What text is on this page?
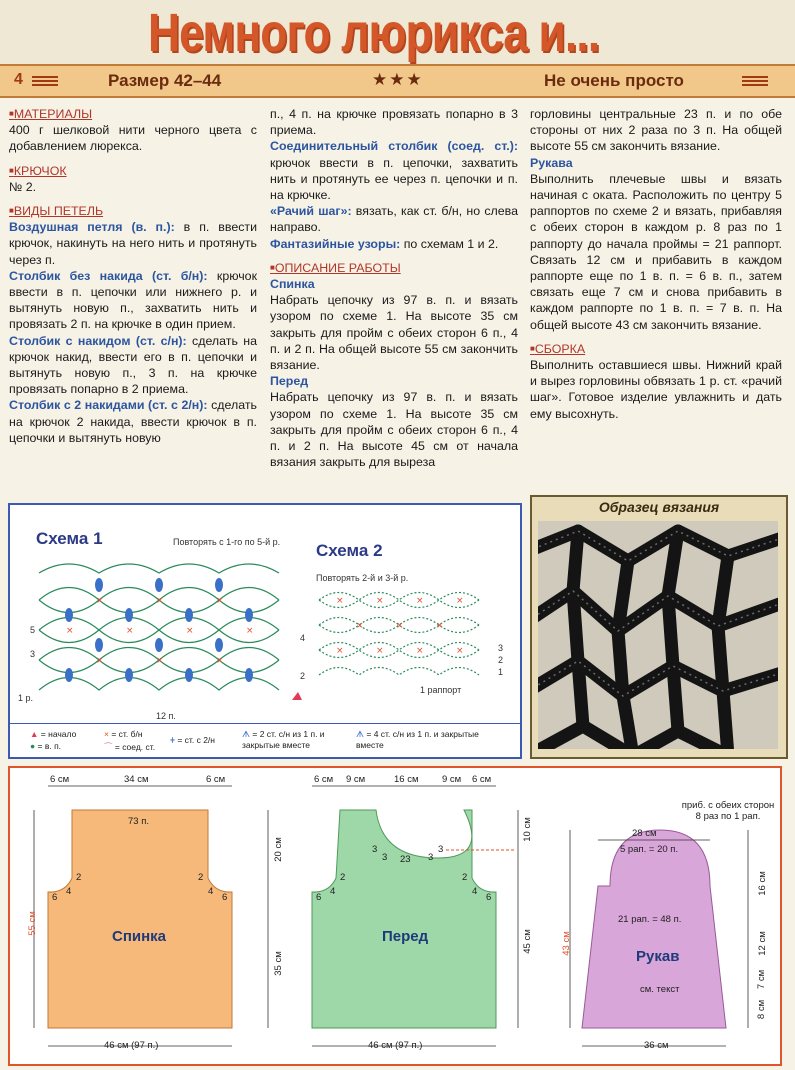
Немного люрикса и...
4	Размер 42–44	★★★	Не очень просто

■ МАТЕРИАЛЫ

400 г шелковой нити черного цвета с добавлением люрекса.

■ КРЮЧОК

№ 2.

■ ВИДЫ ПЕТЕЛЬ

Воздушная петля (в. п.): в п. ввести крючок, накинуть на него нить и протянуть через п.

Столбик без накида (ст. б/н): крючок ввести в п. цепочки или нижнего р. и вытянуть новую п., захватить нить и провязать 2 п. на крючке в один прием.

Столбик с накидом (ст. с/н): сделать на крючок накид, ввести его в п. цепочки и вытянуть новую п., 3 п. на крючке провязать попарно в 2 приема.

Столбик с 2 накидами (ст. с 2/н): сделать на крючок 2 накида, ввести крючок в п. цепочки и вытянуть новую

п., 4 п. на крючке провязать попарно в 3 приема.

Соединительный столбик (соед. ст.): крючок ввести в п. цепочки, захватить нить и протянуть ее через п. цепочки и п. на крючке.

«Рачий шаг»: вязать, как ст. б/н, но слева направо.

Фантазийные узоры: по схемам 1 и 2.

■ ОПИСАНИЕ РАБОТЫ

Спинка

Набрать цепочку из 97 в. п. и вязать узором по схеме 1. На высоте 35 см закрыть для пройм с обеих сторон 6 п., 4 п. и 2 п. На общей высоте 55 см закончить вязание.

Перед

Набрать цепочку из 97 в. п. и вязать узором по схеме 1. На высоте 35 см закрыть для пройм с обеих сторон 6 п., 4 п. и 2 п. На высоте 45 см от начала вязания закрыть для выреза

горловины центральные 23 п. и по обе стороны от них 2 раза по 3 п. На общей высоте 55 см закончить вязание.

Рукава

Выполнить плечевые швы и вязать начиная с оката. Расположить по центру 5 раппортов по схеме 2 и вязать, прибавляя с обеих сторон в каждом р. 8 раз по 1 раппорту до начала проймы = 21 раппорт. Связать 12 см и прибавить в каждом раппорте еще по 1 в. п. = 6 в. п., затем связать еще 7 см и снова прибавить в каждом раппорте по 1 в. п. = 7 в. п. На общей высоте 43 см закончить вязание.

■ СБОРКА

Выполнить оставшиеся швы. Нижний край и вырез горловины обвязать 1 р. ст. «рачий шаг». Готовое изделие увлажнить и дать ему высохнуть.

Схема 1	Повторять с 1-го по 5-й р. Схема 2
Повторять 2-й и 3-й р.
×	×	×
×	×	×	×
×	×	×
1 р.
5
4
3
2
12 п.
×	×	×	×
×	×	×
×	×	×	×	3
2
1
1 раппорт
▲ = начало
● = в. п.
× = ст. б/н
⌒ = соед. ст.
ǂ = ст. с 2/н
ᗑ = 2 ст. с/н из 1 п. и закрытые вместе
ᗑ = 4 ст. с/н из 1 п. и закрытые вместе
Образец вязания
6 см	34 см	6 см
73 п.
55 см
20 см
35 см
46 см (97 п.)
2
4
6
2
4
6
Спинка
6 см 9 см	16 см 9 см 6 см
23
3
3	3
3
10 см
45 см
46 см (97 п.)
2
4
6
2
4
6
Перед
приб. с обеих сторон 8 раз по 1 рап.
28 см
5 рап. = 20 п.
21 рап. = 48 п.
43 см
16 см
12 см
7 см
8 см
36 см
Рукав
см. текст
